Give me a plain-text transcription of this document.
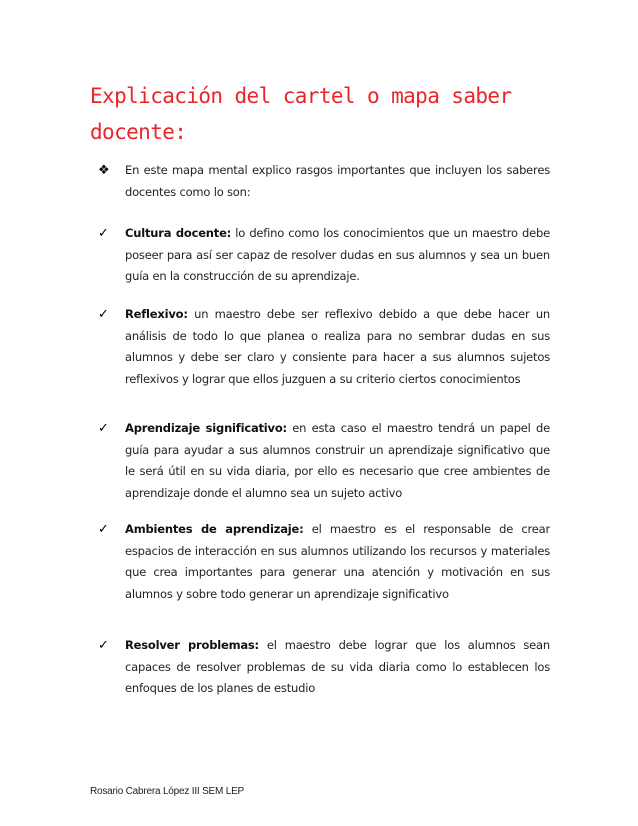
Explicación del cartel o mapa saber docente:
❖ En este mapa mental explico rasgos importantes que incluyen los saberes docentes como lo son:
✓ Cultura docente: lo defino como los conocimientos que un maestro debe poseer para así ser capaz de resolver dudas en sus alumnos y sea un buen guía en la construcción de su aprendizaje.
✓ Reflexivo: un maestro debe ser reflexivo debido a que debe hacer un análisis de todo lo que planea o realiza para no sembrar dudas en sus alumnos y debe ser claro y consiente para hacer a sus alumnos sujetos reflexivos y lograr que ellos juzguen a su criterio ciertos conocimientos
✓ Aprendizaje significativo: en esta caso el maestro tendrá un papel de guía para ayudar a sus alumnos construir un aprendizaje significativo que le será útil en su vida diaria, por ello es necesario que cree ambientes de aprendizaje donde el alumno sea un sujeto activo
✓ Ambientes de aprendizaje: el maestro es el responsable de crear espacios de interacción en sus alumnos utilizando los recursos y materiales que crea importantes para generar una atención y motivación en sus alumnos y sobre todo generar un aprendizaje significativo
✓ Resolver problemas: el maestro debe lograr que los alumnos sean capaces de resolver problemas de su vida diaria como lo establecen los enfoques de los planes de estudio
Rosario Cabrera López III SEM LEP
